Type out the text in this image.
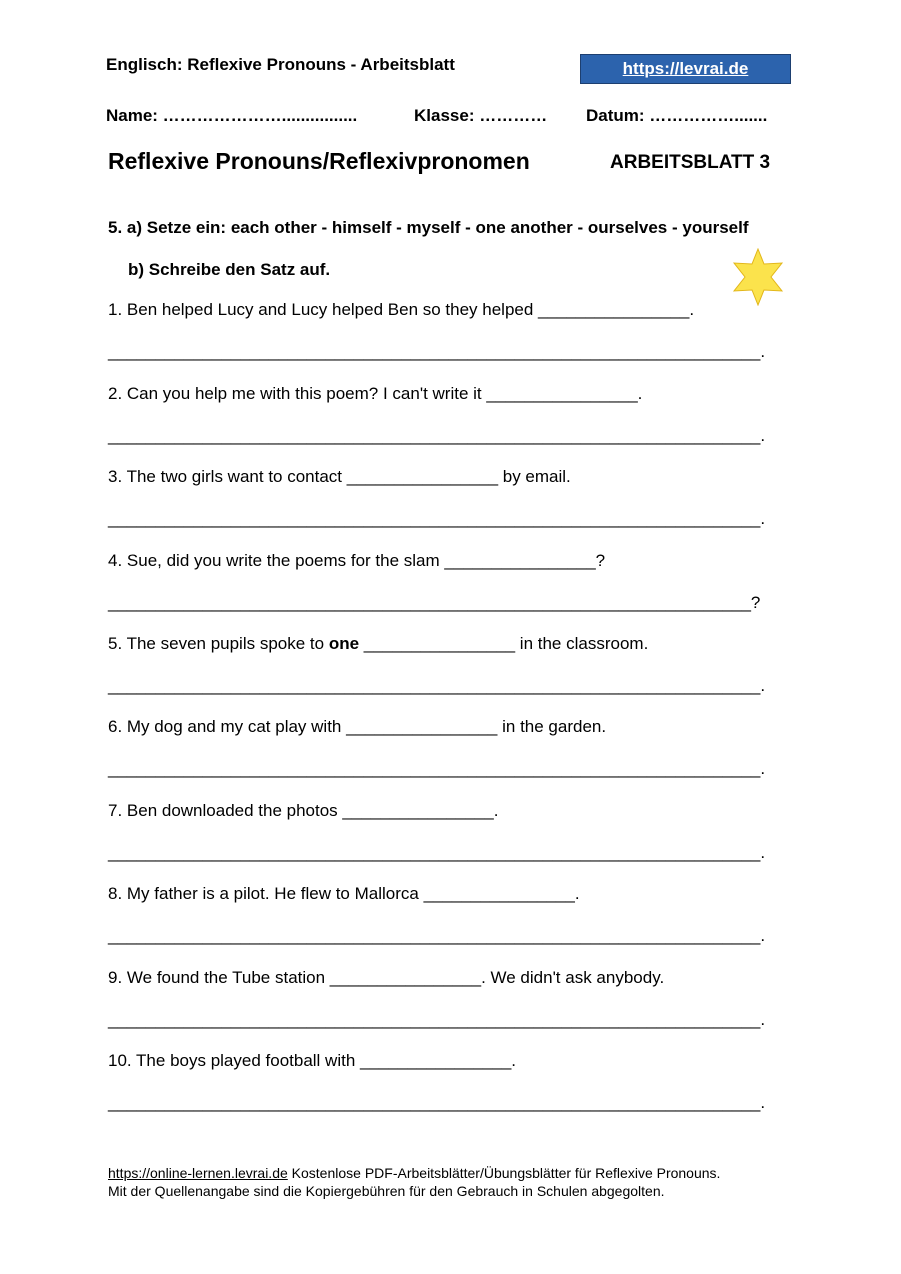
Englisch: Reflexive Pronouns - Arbeitsblatt	https://levrai.de
Name: …………………................	Klasse: ………… Datum: …………….......
Reflexive Pronouns/Reflexivpronomen	ARBEITSBLATT 3
5. a) Setze ein: each other - himself - myself - one another - ourselves - yourself
b) Schreibe den Satz auf.
1. Ben helped Lucy and Lucy helped Ben so they helped ________________.
_____________________________________________________________________.
2. Can you help me with this poem? I can't write it ________________.
_____________________________________________________________________.
3. The two girls want to contact ________________ by email.
_____________________________________________________________________.
4. Sue, did you write the poems for the slam ________________?
____________________________________________________________________?
5. The seven pupils spoke to one ________________ in the classroom.
_____________________________________________________________________.
6. My dog and my cat play with ________________ in the garden.
_____________________________________________________________________.
7. Ben downloaded the photos ________________.
_____________________________________________________________________.
8. My father is a pilot. He flew to Mallorca ________________.
_____________________________________________________________________.
9. We found the Tube station ________________. We didn't ask anybody.
_____________________________________________________________________.
10. The boys played football with ________________.
_____________________________________________________________________.
https://online-lernen.levrai.de Kostenlose PDF-Arbeitsblätter/Übungsblätter für Reflexive Pronouns.
Mit der Quellenangabe sind die Kopiergebühren für den Gebrauch in Schulen abgegolten.
